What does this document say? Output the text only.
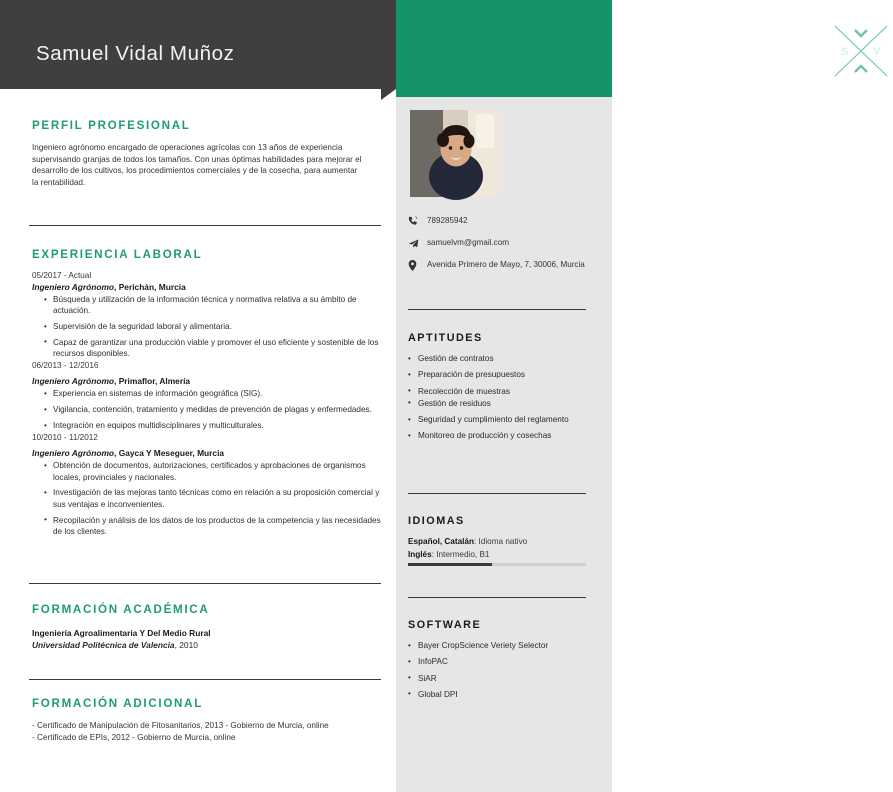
S V
Samuel Vidal Muñoz
789285942
samuelvm@gmail.com
Avenida Primero de Mayo, 7, 30006, Murcia
APTITUDES
• Gestión de contratos
• Preparación de presupuestos
• Recolección de muestras
• Gestión de residuos
• Seguridad y cumplimiento del reglamento
• Monitoreo de producción y cosechas
IDIOMAS
Español, Catalán: Idioma nativo
Inglés: Intermedio, B1
SOFTWARE
• Bayer CropScience Veriety Selector
• InfoPAC
• SiAR
• Global DPI
PERFIL PROFESIONAL
Ingeniero agrónomo encargado de operaciones agrícolas con 13 años de experiencia supervisando granjas de todos los tamaños. Con unas óptimas habilidades para mejorar el desarrollo de los cultivos, los procedimientos comerciales y de la cosecha, para aumentar la rentabilidad.
EXPERIENCIA LABORAL
05/2017 - Actual
Ingeniero Agrónomo, Perichán, Murcia
• Búsqueda y utilización de la información técnica y normativa relativa a su ámbito de actuación.
• Supervisión de la seguridad laboral y alimentaria.
• Capaz de garantizar una producción viable y promover el uso eficiente y sostenible de los recursos disponibles.
06/2013 - 12/2016
Ingeniero Agrónomo, Primaflor, Almería
• Experiencia en sistemas de información geográfica (SIG).
• Vigilancia, contención, tratamiento y medidas de prevención de plagas y enfermedades.
• Integración en equipos multidisciplinares y multiculturales.
10/2010 - 11/2012
Ingeniero Agrónomo, Gayca Y Meseguer, Murcia
• Obtención de documentos, autorizaciones, certificados y aprobaciones de organismos locales, provinciales y nacionales.
• Investigación de las mejoras tanto técnicas como en relación a su proposición comercial y sus ventajas e inconvenientes.
• Recopilación y análisis de los datos de los productos de la competencia y las necesidades de los clientes.
FORMACIÓN ACADÉMICA
Ingeniería Agroalimentaria Y Del Medio Rural
Universidad Politécnica de Valencia, 2010
FORMACIÓN ADICIONAL
- Certificado de Manipulación de Fitosanitarios, 2013 - Gobierno de Murcia, online
- Certificado de EPIs, 2012 - Gobierno de Murcia, online
